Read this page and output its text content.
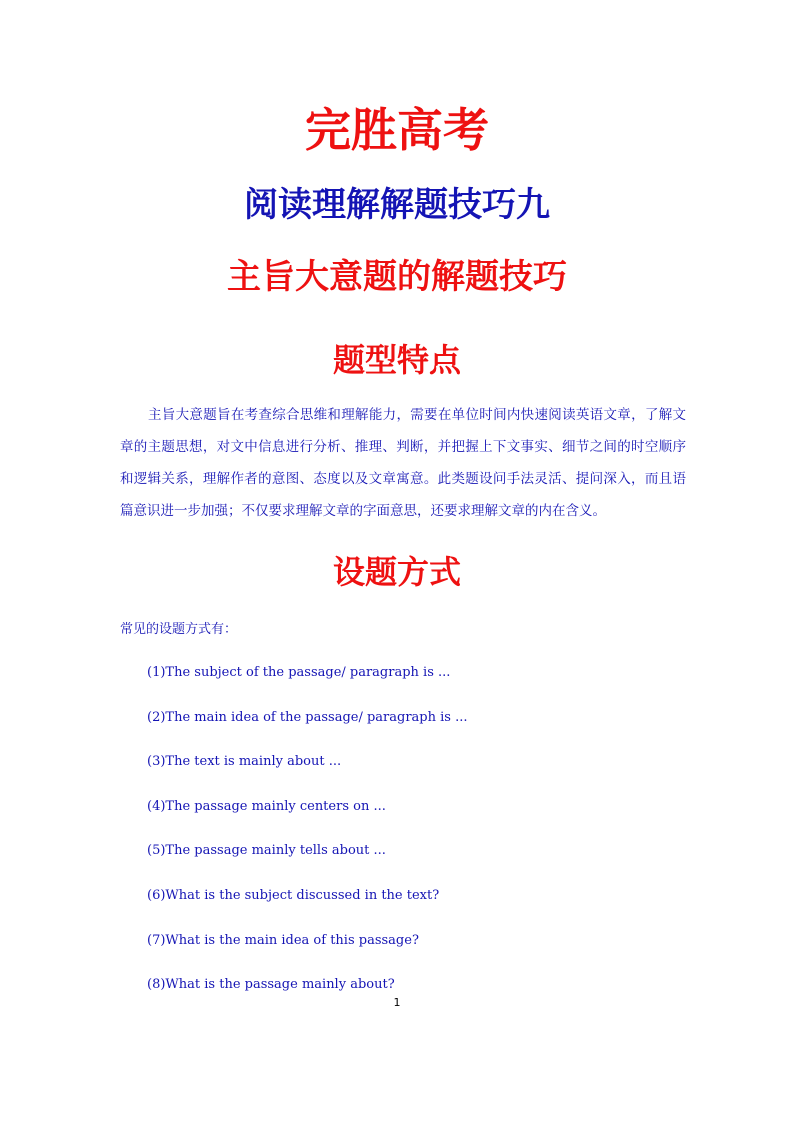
完胜高考
阅读理解解题技巧九
主旨大意题的解题技巧
题型特点

主旨大意题旨在考查综合思维和理解能力，需要在单位时间内快速阅读英语文章，了解文章的主题思想，对文中信息进行分析、推理、判断，并把握上下文事实、细节之间的时空顺序和逻辑关系，理解作者的意图、态度以及文章寓意。此类题设问手法灵活、提问深入，而且语篇意识进一步加强；不仅要求理解文章的字面意思，还要求理解文章的内在含义。

设题方式

常见的设题方式有：

(1)The subject of the passage/ paragraph is ...
(2)The main idea of the passage/ paragraph is ...
(3)The text is mainly about ...
(4)The passage mainly centers on ...
(5)The passage mainly tells about ...
(6)What is the subject discussed in the text?
(7)What is the main idea of this passage?
(8)What is the passage mainly about?
1
